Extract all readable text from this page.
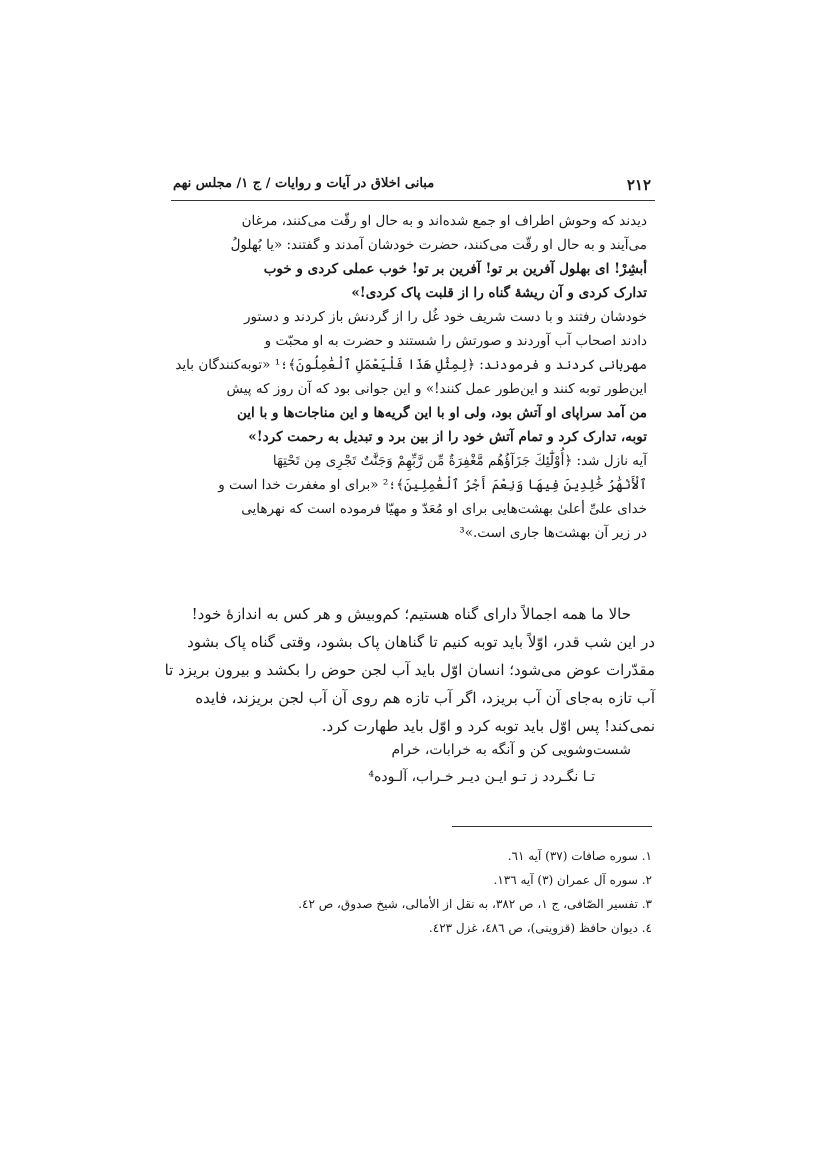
۲۱۲
مبانی اخلاق در آیات و روایات / ج ۱/ مجلس نهم
دیدند که وحوش اطراف او جمع شده‌اند و به حال او رقّت می‌کنند، مرغان
می‌آیند و به حال او رقّت می‌کنند، حضرت خودشان آمدند و گفتند: «یا بُهلولُ
أبشِرْ! ای بهلول آفرین بر تو! آفرین بر تو! خوب عملی کردی و خوب
تدارک کردی و آن ریشهٔ گناه را از قلبت پاک کردی!»
خودشان رفتند و با دست شریف خود غُل را از گردنش باز کردند و دستور
دادند اصحاب آب آوردند و صورتش را شستند و حضرت به او محبّت و
مهربانی کردند و فرمودند: ﴿لِمِثْلِ هَذَا فَلْيَعْمَلِ ٱلْعَٰمِلُونَ﴾؛¹ «توبه‌کنندگان باید
این‌طور توبه کنند و این‌طور عمل کنند!» و این جوانی بود که آن روز که پیش
من آمد سراپای او آتش بود، ولی او با این گریه‌ها و این مناجات‌ها و با این
توبه، تدارک کرد و تمام آتش خود را از بین برد و تبدیل به رحمت کرد!»
آیه نازل شد: ﴿أُوْلَٰٓئِكَ جَزَآؤُهُم مَّغْفِرَةٌ مِّن رَّبِّهِمْ وَجَنَّٰتٌ تَجْرِى مِن تَحْتِهَا
ٱلْأَنْهَٰرُ خَٰلِدِينَ فِيهَا وَنِعْمَ أَجْرُ ٱلْعَٰمِلِينَ﴾؛² «برای او مغفرت خدا است و
خدای علیِّ أعلیٰ بهشت‌هایی برای او مُعَدّ و مهیّا فرموده است که نهرهایی
در زیر آن بهشت‌ها جاری است.»³
حالا ما همه اجمالاً دارای گناه هستیم؛ کم‌وبیش و هر کس به اندازهٔ خود!
در این شب قدر، اوّلاً باید توبه کنیم تا گناهان پاک بشود، وقتی گناه پاک بشود
مقدّرات عوض می‌شود؛ انسان اوّل باید آب لجن حوض را بکشد و بیرون بریزد تا
آب تازه به‌جای آن آب بریزد، اگر آب تازه هم روی آن آب لجن بریزند، فایده
نمی‌کند! پس اوّل باید توبه کرد و اوّل باید طهارت کرد.
شست‌وشویی کن و آنگه به خرابات، خرام
تـا نگـردد ز تـو ایـن دیـر خـراب، آلـوده⁴
۱. سوره صافات (۳۷) آیه ٦۱.
۲. سوره آل عمران (۳) آیه ۱۳٦.
۳. تفسیر الصّافی، ج ۱، ص ۳۸۲، به نقل از الأمالی، شیخ صدوق، ص ٤۲.
٤. دیوان حافظ (قزوینی)، ص ٤۸٦، غزل ٤۲۳.
